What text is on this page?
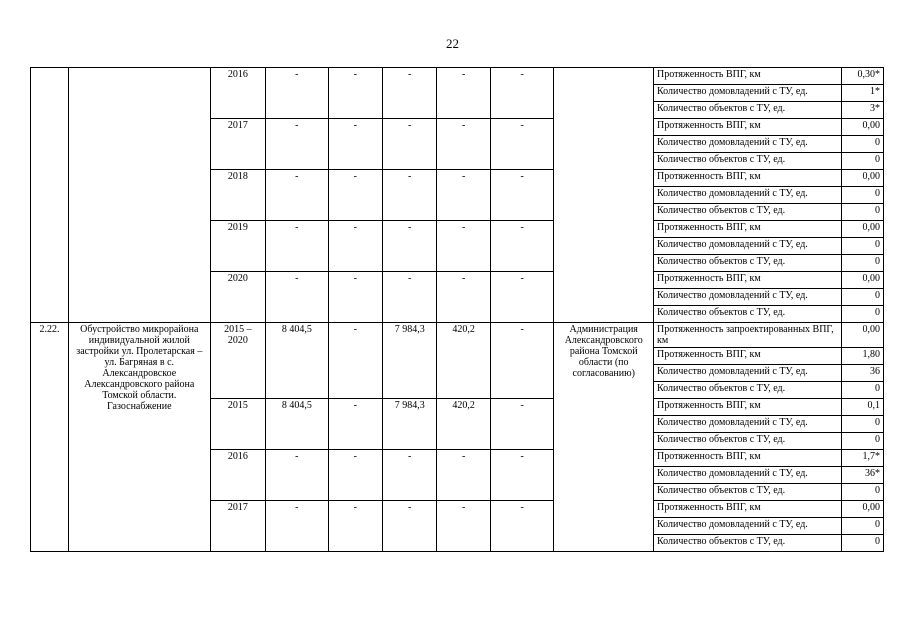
22
		2016	-	-	-	-	-		Протяженность ВПГ, км	0,30*
									Количество домовладений с ТУ, ед.	1*
									Количество объектов с ТУ, ед.	3*
		2017	-	-	-	-	-		Протяженность ВПГ, км	0,00
									Количество домовладений с ТУ, ед.	0
									Количество объектов с ТУ, ед.	0
		2018	-	-	-	-	-		Протяженность ВПГ, км	0,00
									Количество домовладений с ТУ, ед.	0
									Количество объектов с ТУ, ед.	0
		2019	-	-	-	-	-		Протяженность ВПГ, км	0,00
									Количество домовладений с ТУ, ед.	0
									Количество объектов с ТУ, ед.	0
		2020	-	-	-	-	-		Протяженность ВПГ, км	0,00
									Количество домовладений с ТУ, ед.	0
									Количество объектов с ТУ, ед.	0
2.22.	Обустройство микрорайона индивидуальной жилой застройки ул. Пролетарская – ул. Багряная в с. Александровское Александровского района Томской области. Газоснабжение	2015 – 2020	8 404,5	-	7 984,3	420,2	-	Администрация Александровского района Томской области (по согласованию)	Протяженность запроектированных ВПГ, км	0,00
									Протяженность ВПГ, км	1,80
									Количество домовладений с ТУ, ед.	36
									Количество объектов с ТУ, ед.	0
		2015	8 404,5	-	7 984,3	420,2	-		Протяженность ВПГ, км	0,1
									Количество домовладений с ТУ, ед.	0
									Количество объектов с ТУ, ед.	0
		2016	-	-	-	-	-		Протяженность ВПГ, км	1,7*
									Количество домовладений с ТУ, ед.	36*
									Количество объектов с ТУ, ед.	0
		2017	-	-	-	-	-		Протяженность ВПГ, км	0,00
									Количество домовладений с ТУ, ед.	0
									Количество объектов с ТУ, ед.	0
